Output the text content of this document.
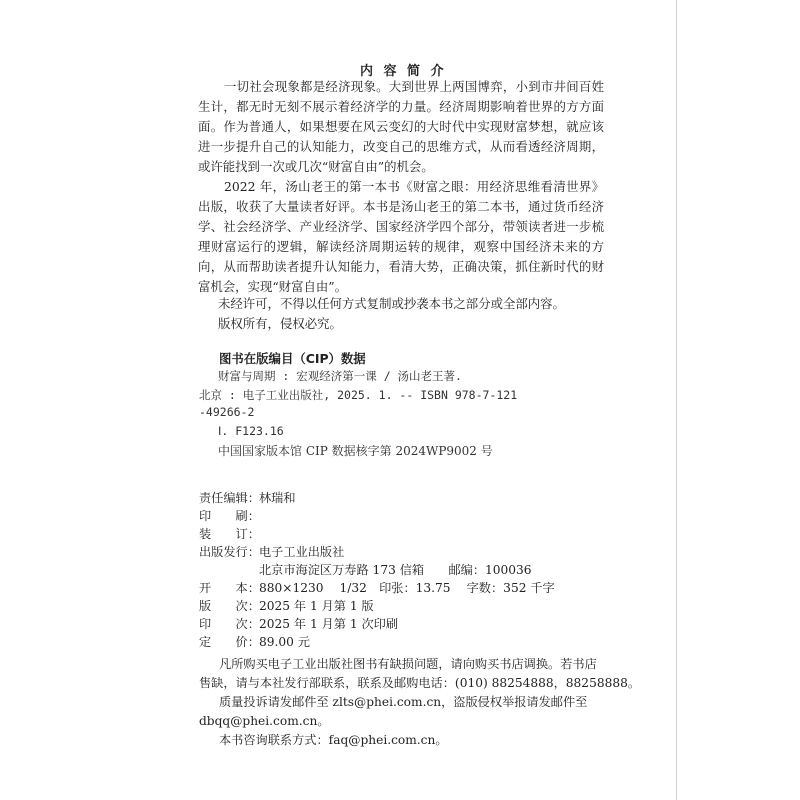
内 容 简 介

一切社会现象都是经济现象。大到世界上两国博弈，小到市井间百姓生计，都无时无刻不展示着经济学的力量。经济周期影响着世界的方方面面。作为普通人，如果想要在风云变幻的大时代中实现财富梦想，就应该进一步提升自己的认知能力，改变自己的思维方式，从而看透经济周期，或许能找到一次或几次“财富自由”的机会。

2022 年，汤山老王的第一本书《财富之眼：用经济思维看清世界》出版，收获了大量读者好评。本书是汤山老王的第二本书，通过货币经济学、社会经济学、产业经济学、国家经济学四个部分，带领读者进一步梳理财富运行的逻辑，解读经济周期运转的规律，观察中国经济未来的方向，从而帮助读者提升认知能力，看清大势，正确决策，抓住新时代的财富机会，实现“财富自由”。

未经许可，不得以任何方式复制或抄袭本书之部分或全部内容。
版权所有，侵权必究。
图书在版编目（CIP）数据
财富与周期 : 宏观经济第一课 / 汤山老王著.
北京 : 电子工业出版社, 2025. 1. -- ISBN 978-7-121
-49266-2
Ⅰ. F123.16
中国国家版本馆 CIP 数据核字第 2024WP9002 号
责任编辑： 林瑞和
印　　刷：
装　　订：
出版发行： 电子工业出版社
北京市海淀区万寿路 173 信箱　　邮编：100036
开　　本： 880×1230　 1/32　印张：13.75　 字数：352 千字
版　　次： 2025 年 1 月第 1 版
印　　次： 2025 年 1 月第 1 次印刷
定　　价： 89.00 元
凡所购买电子工业出版社图书有缺损问题，请向购买书店调换。若书店
售缺，请与本社发行部联系，联系及邮购电话：(010) 88254888，88258888。
质量投诉请发邮件至 zlts@phei.com.cn，盗版侵权举报请发邮件至
dbqq@phei.com.cn。
本书咨询联系方式：faq@phei.com.cn。
